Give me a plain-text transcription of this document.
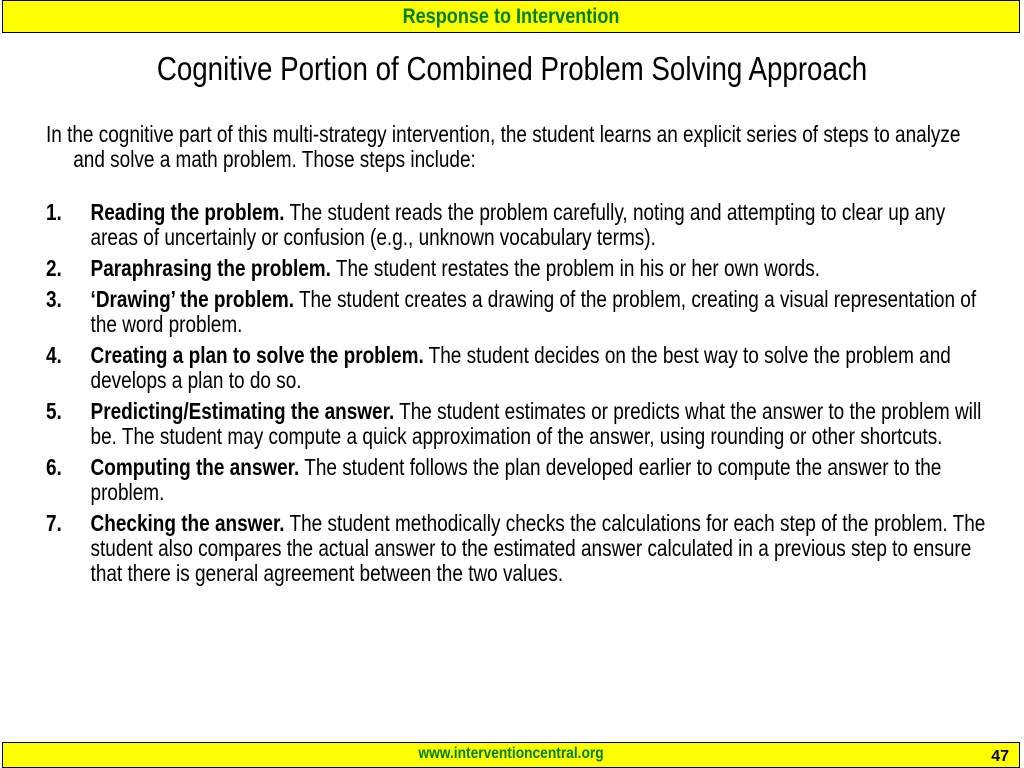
Response to Intervention
Cognitive Portion of Combined Problem Solving Approach

In the cognitive part of this multi-strategy intervention, the student learns an explicit series of steps to analyze and solve a math problem. Those steps include:

1. Reading the problem. The student reads the problem carefully, noting and attempting to clear up any areas of uncertainly or confusion (e.g., unknown vocabulary terms).
2. Paraphrasing the problem. The student restates the problem in his or her own words.
3. ‘Drawing’ the problem. The student creates a drawing of the problem, creating a visual representation of the word problem.
4. Creating a plan to solve the problem. The student decides on the best way to solve the problem and develops a plan to do so.
5. Predicting/Estimating the answer. The student estimates or predicts what the answer to the problem will be. The student may compute a quick approximation of the answer, using rounding or other shortcuts.
6. Computing the answer. The student follows the plan developed earlier to compute the answer to the problem.
7. Checking the answer. The student methodically checks the calculations for each step of the problem. The student also compares the actual answer to the estimated answer calculated in a previous step to ensure that there is general agreement between the two values.
www.interventioncentral.org	47
